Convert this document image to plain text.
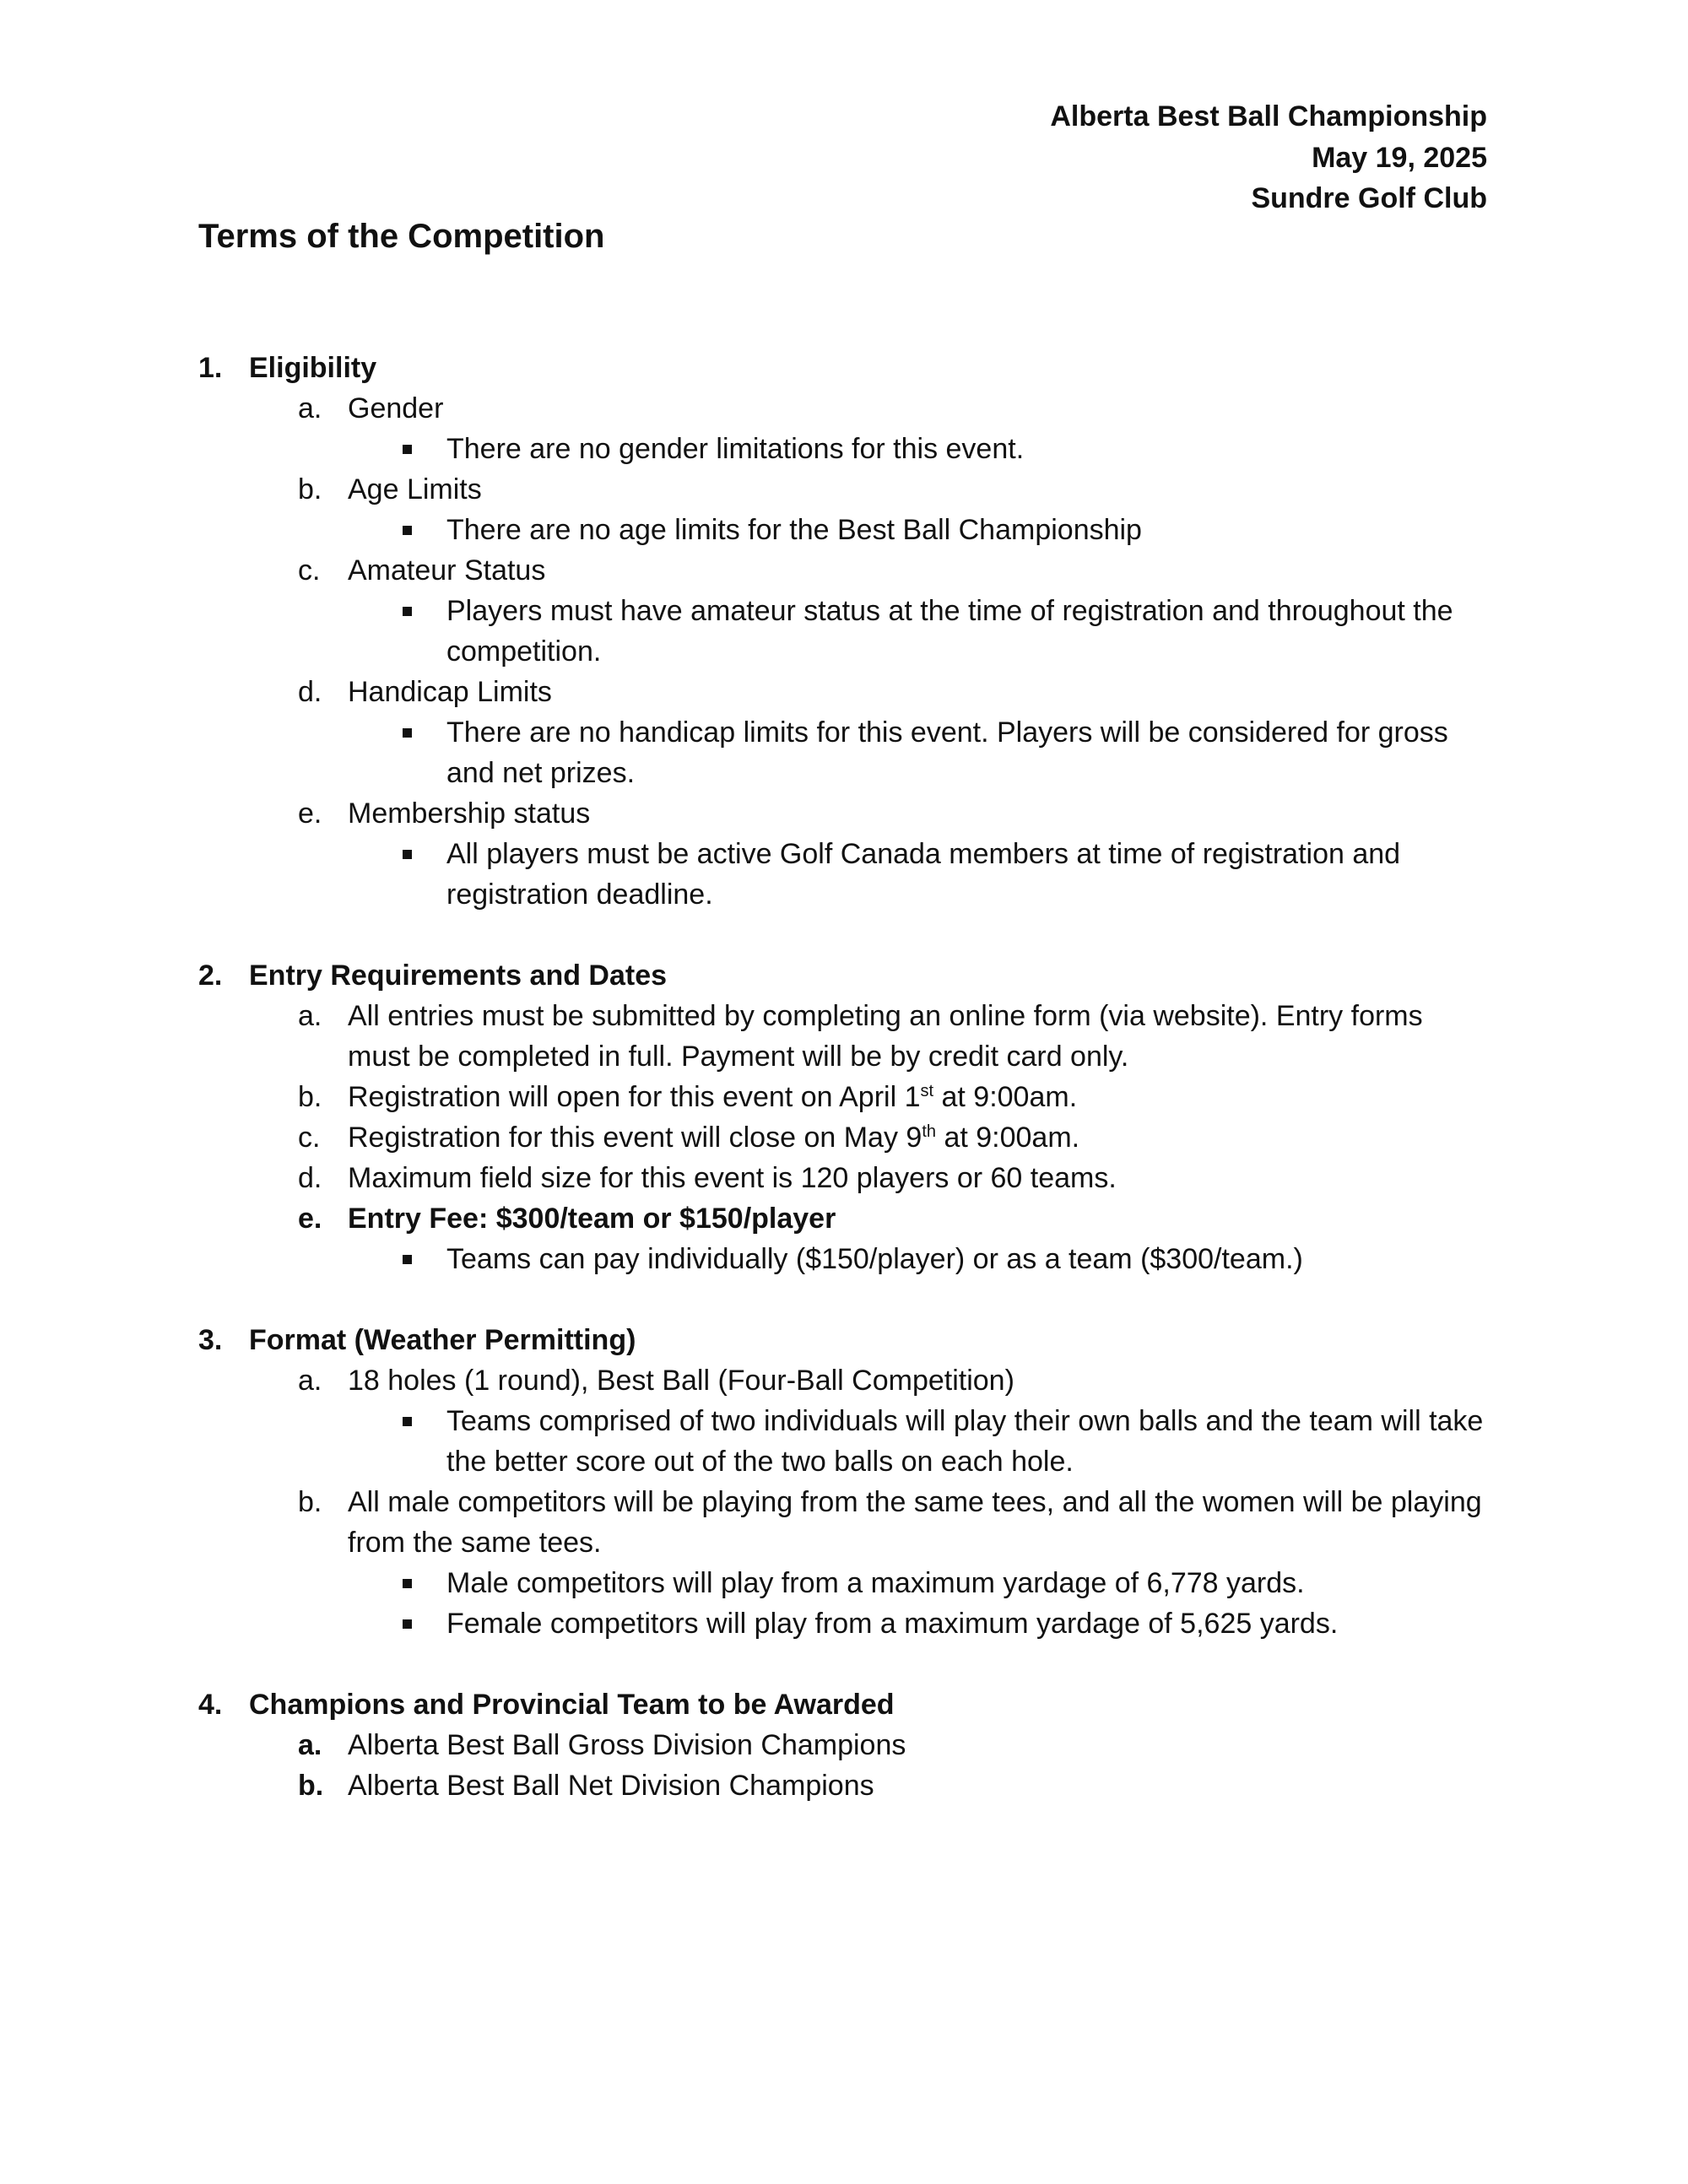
Alberta Best Ball Championship
May 19, 2025
Sundre Golf Club
Terms of the Competition
1. Eligibility
a. Gender
There are no gender limitations for this event.
b. Age Limits
There are no age limits for the Best Ball Championship
c. Amateur Status
Players must have amateur status at the time of registration and throughout the competition.
d. Handicap Limits
There are no handicap limits for this event. Players will be considered for gross and net prizes.
e. Membership status
All players must be active Golf Canada members at time of registration and registration deadline.
2. Entry Requirements and Dates
a. All entries must be submitted by completing an online form (via website). Entry forms must be completed in full. Payment will be by credit card only.
b. Registration will open for this event on April 1st at 9:00am.
c. Registration for this event will close on May 9th at 9:00am.
d. Maximum field size for this event is 120 players or 60 teams.
e. Entry Fee: $300/team or $150/player
Teams can pay individually ($150/player) or as a team ($300/team.)
3. Format (Weather Permitting)
a. 18 holes (1 round), Best Ball (Four-Ball Competition)
Teams comprised of two individuals will play their own balls and the team will take the better score out of the two balls on each hole.
b. All male competitors will be playing from the same tees, and all the women will be playing from the same tees.
Male competitors will play from a maximum yardage of 6,778 yards.
Female competitors will play from a maximum yardage of 5,625 yards.
4. Champions and Provincial Team to be Awarded
a. Alberta Best Ball Gross Division Champions
b. Alberta Best Ball Net Division Champions
